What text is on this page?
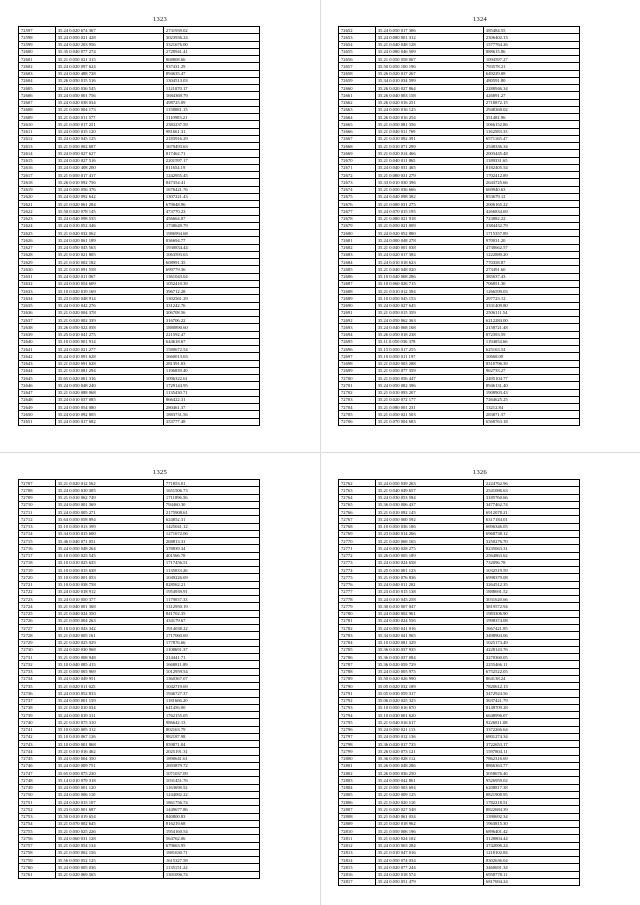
1323
72597	35.24 0.020 674 367	2731939.02
72598	35.24 0.050 021 428	3023936.24
72599	35.24 0.020 203 956	3321676.00
72600	35.35 0.040 077 274	2728941.41
72601	35.21 0.050 021 315	868808.66
72602	35.24 0.020 097 624	937431.29
72603	35.24 0.020 488 728	894635.47
72604	35.26 0.050 015 516	1304513.03
72605	35.24 0.020 036 545	1121870.17
72606	35.24 0.050 001 756	1684369.79
72607	35.24 0.020 038 034	498725.09
72608	35.21 0.050 004 173	1158081.15
72609	35.21 0.020 011 577	1110903.21
72610	35.21 0.050 017 251	2383237.59
72611	35.24 0.050 015 120	981661.31
72612	35.24 0.020 045 125	2183916.29
72613	35.21 0.050 002 687	1679493.63
72614	35.24 0.050 027 627	817462.71
72615	35.24 0.020 027 516	2201597.17
72616	35.24 0.020 408 200	811654.19
72617	35.21 0.050 017 417	1242955.45
72618	35.26 0.010 092 756	847354.41
72619	35.24 0.050 056 376	1676421.76
72620	35.24 0.020 092 642	1307221.43
72621	35.21 0.020 061 284	679048.96
72622	35.50 0.020 078 145	473770.23
72623	35.24 0.040 098 535	456664.07
72624	35.24 0.010 052 346	1738649.79
72625	35.21 0.020 032 062	1986994.68
72626	35.24 0.020 061 189	836694.77
72627	35.24 0.050 045 563	1930834.44
72628	35.21 0.010 021 805	1063593.63
72629	35.21 0.010 002 182	608991.35
72630	35.21 0.010 091 558	699779.36
72631	35.24 0.020 011 067	1361043.04
72632	35.24 0.010 054 609	1052410.39
72633	35.10 0.020 019 169	396712.28
72634	35.23 0.050 048 914	1302561.29
72635	35.24 0.010 042 276	331242.76
72636	35.21 0.020 004 378	306708.56
72637	35.21 0.020 002 339	316706.22
72638	35.26 0.050 022 058	1880890.60
72639	35.25 0.010 041 275	221592.47
72640	35.10 0.050 001 914	644618.67
72641	35.24 0.020 021 277	1580672.54
72642	35.24 0.010 091 628	1660013.63
72643	35.21 0.020 091 628	281391.03
72644	35.21 0.010 081 294	1196839.40
72645	35.65 0.020 061 316	1096322.61
72646	35.24 0.050 048 240	1729144.95
72647	35.21 0.020 088 068	1135430.71
72648	35.24 0.010 037 085	866422.31
72649	35.24 0.050 054 080	280461.37
72650	35.24 0.010 092 805	1883731.56
72651	35.24 0.050 017 682	353777.48
1324
72652	35.24 0.050 017 306	385484.55
72653	35.24 0.080 001 312	2306402.13
72654	35.21 0.040 048 128	1577764.26
72655	35.24 0.080 046 509	888615.86
72656	35.21 0.050 058 067	1094597.27
72657	35.50 0.050 100 196	793578.21
72658	35.26 0.020 017 267	649229.08
72659	35.34 0.010 034 599	480591.80
72660	35.26 0.020 027 864	2288946.34
72661	35.26 0.040 003 158	426891.27
72662	35.26 0.020 016 251	2718872.15
72663	35.24 0.050 016 125	2948368.02
72664	35.26 0.020 016 254	351481.96
72665	35.21 0.050 081 356	1066152.86
72666	35.21 0.040 011 769	1162583.33
72667	35.21 0.010 092 391	6571165.47
72668	35.21 0.010 071 299	2548336.34
72669	35.21 0.020 014 466	2003445.48
72670	35.21 0.040 011 865	1189331.65
72671	35.24 0.040 031 465	8182405.54
72672	35.21 0.080 031 279	1702412.89
72673	35.33 0.010 030 396	2643725.66
72674	35.21 0.050 036 666	669940.63
72675	35.24 0.040 098 382	853679.12
72676	35.21 0.080 031 275	2006165.22
72677	35.24 0.070 015 195	4266834.69
72678	35.21 0.080 021 918	723882.22
72679	35.21 0.050 021 009	3384432.79
72680	35.24 0.020 052 880	1715357.89
72681	35.24 0.000 048 278	970031.20
72682	35.21 0.040 001 038	4730662.57
72683	35.24 0.020 017 384	1222880.20
72684	35.24 0.010 018 623	770358.87
72685	35.21 0.040 048 020	273491.60
72686	35.10 0.040 068 286	385637.43
72687	35.10 0.060 026 715	706851.30
72688	35.21 0.010 012 394	1266599.03
72689	35.10 0.050 045 153	297723.12
72690	35.24 0.020 027 645	3331409.80
72691	35.21 0.050 015 359	2506111.54
72692	35.24 0.050 062 363	6212284.00
72693	35.24 0.040 068 168	2158721.48
72694	35.26 0.050 018 238	872393.59
72695	35.11 0.050 036 378	1194054.66
72696	35.15 0.050 017 255	625163.54
72697	35.10 0.050 011 197	10668.09
72698	35.21 0.020 003 288	8510796.39
72699	35.21 0.050 077 359	962733.27
72700	35.21 0.050 056 447	2495104.77
72701	35.24 0.050 082 396	8946131.40
72702	35.21 0.010 093 207	1908903.43
72703	35.21 0.020 072 177	7264625.25
72704	35.21 0.080 001 231	13212.84
72705	35.21 0.050 021 503	283871.57
72706	35.21 0.070 004 683	6568763.18
1325
72707	35.21 0.020 012 562	771853.01
72708	35.24 0.050 010 305	1651506.73
72709	35.21 0.010 062 749	1711896.56
72710	35.24 0.050 001 369	794460.30
72711	35.24 0.050 005 271	2175908.61
72712	35.64 0.050 058 894	624852.31
72713	35.10 0.050 013 399	1425041.12
72714	35.34 0.010 015 600	1271672.06
72715	35.46 0.040 071 051	268813.31
72716	35.24 0.050 048 264	378839.34
72717	35.10 0.050 025 545	401566.78
72718	35.10 0.010 025 635	1717456.51
72719	35.10 0.050 015 638	1135033.26
72720	35.10 0.050 001 053	1049226.69
72721	35.10 0.010 038 758	828562.21
72722	35.24 0.020 018 912	1954939.91
72723	35.24 0.010 050 377	1179037.33
72724	35.21 0.040 001 368	1312950.19
72725	35.21 0.040 024 350	841702.35
72726	35.21 0.050 004 263	434179.67
72727	35.10 0.010 043 342	1914038.22
72728	35.21 0.020 005 161	1717060.69
72729	35.21 0.020 025 929	177876.66
72730	35.24 0.020 030 968	1108691.37
72731	35.21 0.050 008 948	214441.71
72732	35.10 0.040 085 415	1668811.89
72733	35.21 0.050 005 969	1012959.54
72734	35.24 0.020 049 951	1360367.07
72735	35.21 0.020 011 625	1042719.69
72736	35.24 0.010 052 833	1946727.37
72737	35.24 0.050 001 159	1181666.20
72738	35.21 0.020 010 034	641456.00
72739	35.24 0.050 019 311	1762155.05
72740	35.21 0.010 075 310	986642.13
72741	35.10 0.020 005 312	802163.79
72742	35.10 0.010 067 126	982187.98
72743	35.10 0.050 001 868	859871.04
72744	35.21 0.010 016 462	2025191.31
72745	35.24 0.050 004 350	1890641.61
72746	35.24 0.020 009 751	2693879.72
72747	35.65 0.050 075 230	1071037.09
72748	35.14 0.010 079 318	1031451.76
72749	35.24 0.050 001 120	1163698.52
72750	35.24 0.050 006 110	1244082.22
72751	35.24 0.020 015 107	1861756.74
72752	35.23 0.020 001 687	1449677.86
72753	35.50 0.010 019 654	840800.83
72754	35.21 0.070 002 645	816219.68
72755	35.21 0.050 025 226	1954160.54
72756	35.24 0.060 031 128	564762.06
72757	35.21 0.020 054 134	679663.95
72758	35.21 0.050 002 156	1881630.71
72759	35.56 0.050 052 125	1615327.58
72760	35.24 0.050 005 036	1135151.22
72761	35.21 0.020 069 565	1301096.74
1326
72762	35.24 0.050 039 263	2224762.96
72763	35.21 0.040 049 657	2541086.63
72764	35.24 0.030 053 584	3185760.66
72765	35.36 0.030 006 437	3477462.74
72766	35.21 0.010 092 145	6912078.21
72767	35.24 0.050 000 592	6317184.01
72768	35.10 0.050 036 186	6696346.05
72769	35.23 0.040 014 266	6968738.12
72770	35.21 0.020 068 165	3250276.70
72771	35.24 0.030 028 275	8235063.31
72772	35.26 0.030 005 189	2564863.62
72773	35.24 0.030 024 658	732096.78
72774	35.25 0.030 001 123	1032519.59
72775	35.21 0.030 076 836	6998379.08
72776	35.24 0.040 011 202	3264512.35
72777	35.23 0.010 015 138	1888691.52
72778	35.24 0.010 045 258	3031620.66
72779	35.30 0.010 007 047	3819572.94
72780	35.24 0.040 002 961	1983306.90
72781	35.24 0.030 024 556	1998374.08
72782	35.24 0.050 041 016	1667421.85
72783	35.34 0.020 041 965	3498904.06
72784	35.10 0.020 081 329	1025173.49
72785	35.36 0.010 037 935	4228143.76
72786	35.36 0.030 037 084	3270360.05
72787	35.36 0.020 059 729	2255466.11
72788	35.24 0.020 005 975	6752522.05
72789	35.50 0.020 026 990	864138.24
72790	35.05 0.020 032 189	7820612.13
72791	35.05 0.030 059 317	3472924.56
72792	35.06 0.020 025 325	3637421.79
72793	35.10 0.050 016 670	8148709.28
72794	35.10 0.030 001 620	6648996.07
72795	35.21 0.040 016 617	9226811.08
72796	35.24 0.050 021 113	3372266.64
72797	35.24 0.050 012 136	6801274.34
72798	35.36 0.020 017 735	3722653.17
72799	35.26 0.020 073 121	1597804.11
72800	35.36 0.050 028 112	7862316.69
72801	35.26 0.050 048 286	8866363.77
72802	35.26 0.050 036 250	3058676.46
72803	35.24 0.050 042 861	9526959.02
72804	35.21 0.050 003 694	6208817.38
72805	35.21 0.020 009 125	8821908.95
72806	35.21 0.020 020 110	1782218.51
72807	35.21 0.020 027 548	8822684.39
72808	35.21 0.040 061 034	1390692.34
72809	35.21 0.020 018 962	1963815.30
72810	35.21 0.050 006 196	6896401.42
72811	35.21 0.020 024 102	3128804.44
72812	35.24 0.010 003 284	3742096.24
72813	35.21 0.010 047 016	1218102.84
72814	35.24 0.050 074 034	8302636.04
72815	35.24 0.020 077 244	3460691.34
72816	35.24 0.020 018 574	6958778.11
72817	35.24 0.050 051 479	6817694.24
